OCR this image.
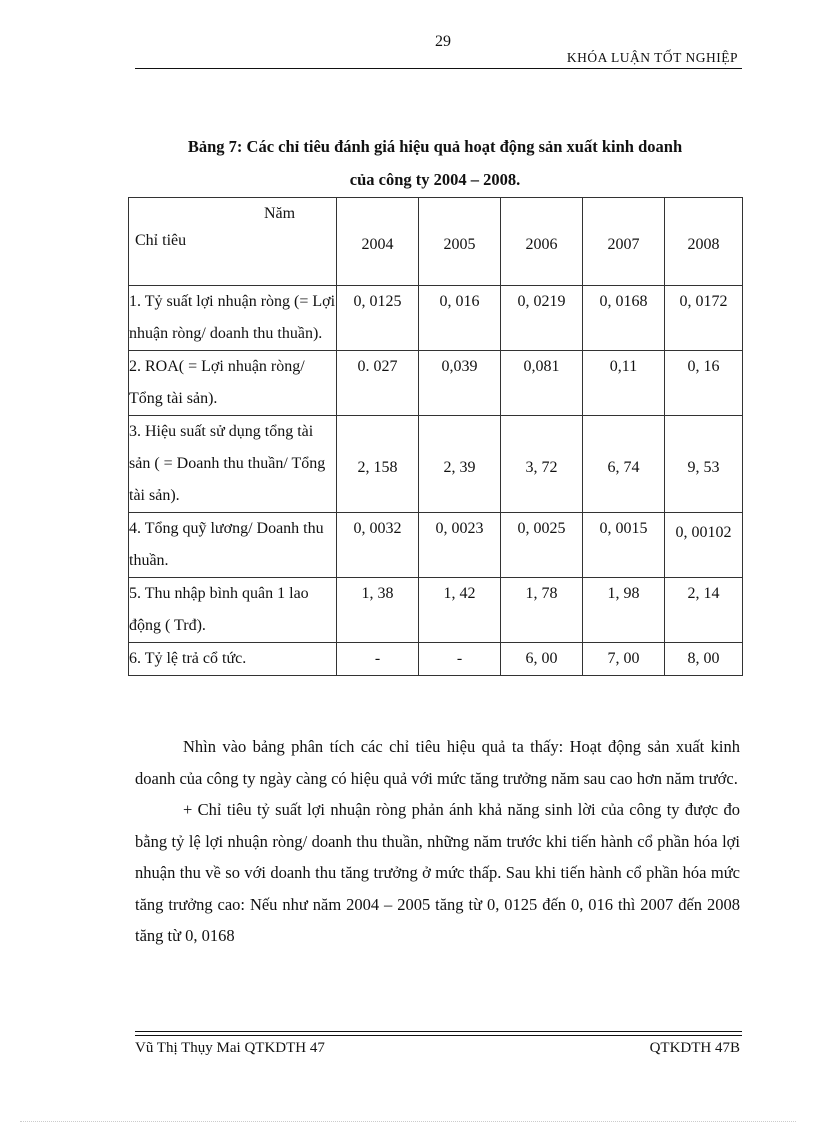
29
KHÓA LUẬN TỐT NGHIỆP
Bảng 7: Các chỉ tiêu đánh giá hiệu quả hoạt động sản xuất kinh doanh
của công ty 2004 – 2008.
Năm
Chỉ tiêu	2004	2005	2006	2007	2008
1. Tỷ suất lợi nhuận ròng (= Lợi nhuận ròng/ doanh thu thuần).	0, 0125	0, 016	0, 0219	0, 0168	0, 0172
2. ROA( = Lợi nhuận ròng/ Tổng tài sản).	0. 027	0,039	0,081	0,11	0, 16
3. Hiệu suất sử dụng tổng tài sản ( = Doanh thu thuần/ Tổng tài sản).	2, 158	2, 39	3, 72	6, 74	9, 53
4. Tổng quỹ lương/ Doanh thu thuần.	0, 0032	0, 0023	0, 0025	0, 0015	0, 00102
5. Thu nhập bình quân 1 lao động ( Trđ).	1, 38	1, 42	1, 78	1, 98	2, 14
6. Tỷ lệ trả cổ tức.	-	-	6, 00	7, 00	8, 00

Nhìn vào bảng phân tích các chỉ tiêu hiệu quả ta thấy: Hoạt động sản xuất kinh doanh của công ty ngày càng có hiệu quả với mức tăng trưởng năm sau cao hơn năm trước.

+ Chỉ tiêu tỷ suất lợi nhuận ròng phản ánh khả năng sinh lời của công ty được đo bằng tỷ lệ lợi nhuận ròng/ doanh thu thuần, những năm trước khi tiến hành cổ phần hóa lợi nhuận thu về so với doanh thu tăng trưởng ở mức thấp. Sau khi tiến hành cổ phần hóa mức tăng trưởng cao: Nếu như năm 2004 – 2005 tăng từ 0, 0125 đến 0, 016 thì 2007 đến 2008 tăng từ 0, 0168

Vũ Thị Thụy Mai QTKDTH 47	QTKDTH 47B
